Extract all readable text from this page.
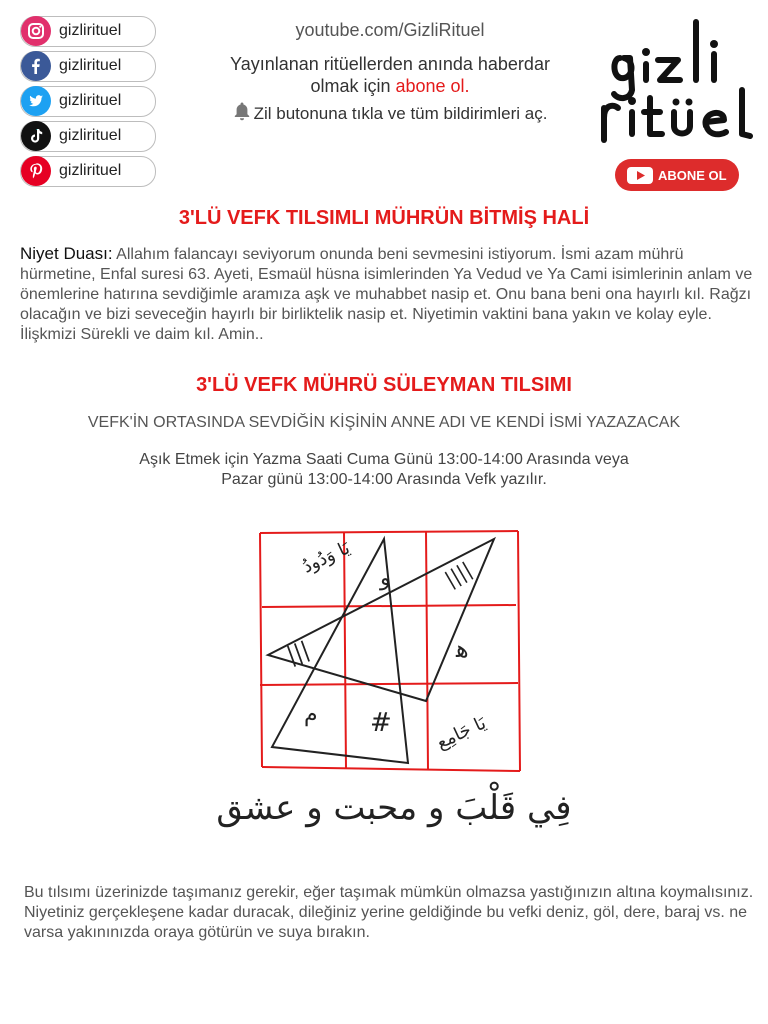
gizlirituel
gizlirituel
gizlirituel
gizlirituel
gizlirituel
youtube.com/GizliRituel
Yayınlanan ritüellerden anında haberdar
olmak için abone ol.
Zil butonuna tıkla ve tüm bildirimleri aç.
ABONE OL
3'LÜ VEFK TILSIMLI MÜHRÜN BİTMİŞ HALİ
Niyet Duası: Allahım falancayı seviyorum onunda beni sevmesini istiyorum. İsmi azam mührü hürmetine, Enfal suresi 63. Ayeti, Esmaül hüsna isimlerinden Ya Vedud ve Ya Cami isimlerinin anlam ve önemlerine hatırına sevdiğimle aramıza aşk ve muhabbet nasip et. Onu bana beni ona hayırlı kıl. Rağzı olacağın ve bizi seveceğin hayırlı bir birliktelik nasip et. Niyetimin vaktini bana yakın ve kolay eyle. İlişkmizi Sürekli ve daim kıl. Amin..
3'LÜ VEFK MÜHRÜ SÜLEYMAN TILSIMI
VEFK'İN ORTASINDA SEVDİĞİN KİŞİNİN ANNE ADI VE KENDİ İSMİ YAZAZACAK
Aşık Etmek için Yazma Saati Cuma Günü 13:00-14:00 Arasında veya
Pazar günü 13:00-14:00 Arasında Vefk yazılır.
يَا وَدُودُ
و ||||
|||	ﻫ
م # يَا جَامِع
فِي قَلْبَ و محبت و عشق
Bu tılsımı üzerinizde taşımanız gerekir, eğer taşımak mümkün olmazsa yastığınızın altına koymalısınız. Niyetiniz gerçekleşene kadar duracak, dileğiniz yerine geldiğinde bu vefki deniz, göl, dere, baraj vs. ne varsa yakınınızda oraya götürün ve suya bırakın.
